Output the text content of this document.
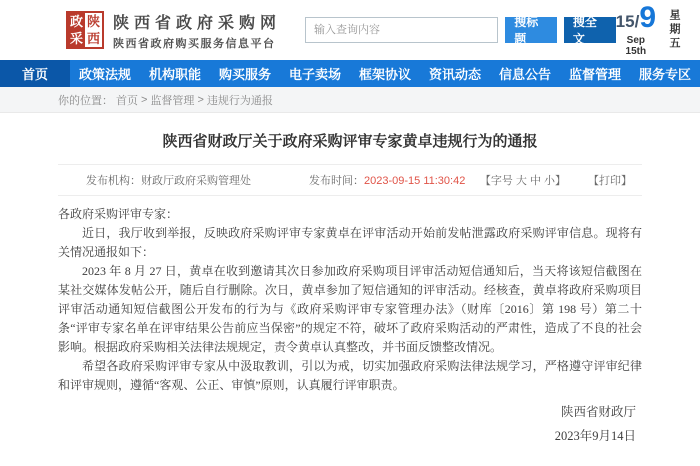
政 陕
采 西
陕西省政府采购网
陕西省政府购买服务信息平台
输入查询内容
搜标题
搜全文
15/ 9
Sep 15th
星期五
首页	政策法规	机构职能	购买服务	电子卖场	框架协议	资讯动态	信息公告	监督管理	服务专区
你的位置： 首页 > 监督管理 > 违规行为通报
陕西省财政厅关于政府采购评审专家黄卓违规行为的通报
发布机构：财政厅政府采购管理处	发布时间：2023-09-15 11:30:42 【字号 大 中 小】 【打印】

各政府采购评审专家：

近日，我厅收到举报，反映政府采购评审专家黄卓在评审活动开始前发帖泄露政府采购评审信息。现将有关情况通报如下：

2023 年 8 月 27 日，黄卓在收到邀请其次日参加政府采购项目评审活动短信通知后，当天将该短信截图在某社交媒体发帖公开，随后自行删除。次日，黄卓参加了短信通知的评审活动。经核查，黄卓将政府采购项目评审活动通知短信截图公开发布的行为与《政府采购评审专家管理办法》（财库〔2016〕第 198 号）第二十条“评审专家名单在评审结果公告前应当保密”的规定不符，破坏了政府采购活动的严肃性，造成了不良的社会影响。根据政府采购相关法律法规规定，责令黄卓认真整改，并书面反馈整改情况。

希望各政府采购评审专家从中汲取教训，引以为戒，切实加强政府采购法律法规学习，严格遵守评审纪律和评审规则，遵循“客观、公正、审慎”原则，认真履行评审职责。

陕西省财政厅
2023年9月14日
